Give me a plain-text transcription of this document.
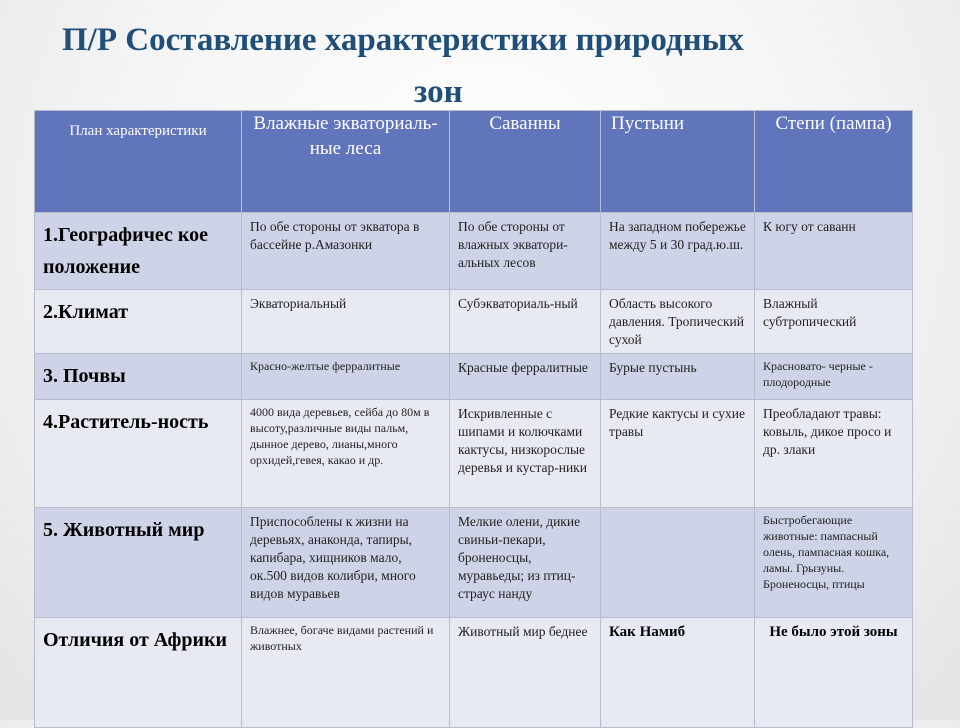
П/Р Составление характеристики природных
зон
План характеристики	Влажные экваториаль-ные леса	Саванны	Пустыни	Степи (пампа)
1.Географичес кое положение	По обе стороны от экватора в бассейне р.Амазонки	По обе стороны от влажных экватори-альных лесов	На западном побережье между 5 и 30 град.ю.ш.	К югу от саванн
2.Климат	Экваториальный	Субэкваториаль-ный	Область высокого давления. Тропический сухой	Влажный субтропический
3. Почвы	Красно-желтые ферралитные	Красные ферралитные	Бурые пустынь	Красновато- черные - плодородные
4.Раститель-ность	4000 вида деревьев, сейба до 80м в высоту,различные виды пальм, дынное дерево, лианы,много орхидей,гевея, какао и др.	Искривленные с шипами и колючками кактусы, низкорослые деревья и кустар-ники	Редкие кактусы и сухие травы	Преобладают травы: ковыль, дикое просо и др. злаки
5. Животный мир	Приспособлены к жизни на деревьях, анаконда, тапиры, капибара, хищников мало, ок.500 видов колибри, много видов муравьев	Мелкие олени, дикие свиньи-пекари, броненосцы, муравьеды; из птиц-страус нанду		Быстробегающие животные: пампасный олень, пампасная кошка, ламы. Грызуны. Броненосцы, птицы
Отличия от Африки	Влажнее, богаче видами растений и животных	Животный мир беднее	Как Намиб	Не было этой зоны
